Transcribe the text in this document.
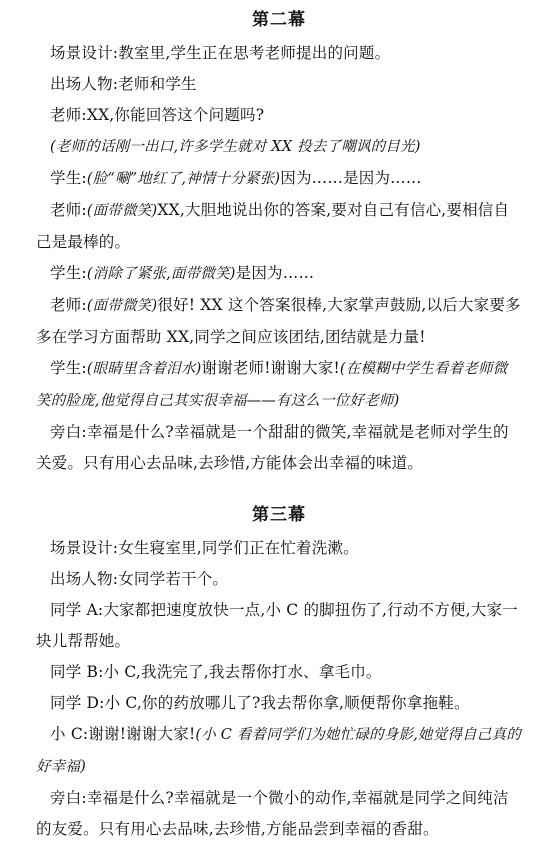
第二幕

场景设计:教室里,学生正在思考老师提出的问题。

出场人物:老师和学生

老师:XX,你能回答这个问题吗?

(老师的话刚一出口,许多学生就对 XX 投去了嘲讽的目光)

学生:(脸“唰”地红了,神情十分紧张)因为……是因为……

老师:(面带微笑)XX,大胆地说出你的答案,要对自己有信心,要相信自己是最棒的。

学生:(消除了紧张,面带微笑)是因为……

老师:(面带微笑)很好! XX 这个答案很棒,大家掌声鼓励,以后大家要多多在学习方面帮助 XX,同学之间应该团结,团结就是力量!

学生:(眼睛里含着泪水)谢谢老师!谢谢大家!(在模糊中学生看着老师微笑的脸庞,他觉得自己其实很幸福——有这么一位好老师)

旁白:幸福是什么?幸福就是一个甜甜的微笑,幸福就是老师对学生的关爱。只有用心去品味,去珍惜,方能体会出幸福的味道。

第三幕

场景设计:女生寝室里,同学们正在忙着洗漱。

出场人物:女同学若干个。

同学 A:大家都把速度放快一点,小 C 的脚扭伤了,行动不方便,大家一块儿帮帮她。

同学 B:小 C,我洗完了,我去帮你打水、拿毛巾。

同学 D:小 C,你的药放哪儿了?我去帮你拿,顺便帮你拿拖鞋。

小 C:谢谢!谢谢大家!(小 C 看着同学们为她忙碌的身影,她觉得自己真的好幸福)

旁白:幸福是什么?幸福就是一个微小的动作,幸福就是同学之间纯洁的友爱。只有用心去品味,去珍惜,方能品尝到幸福的香甜。
